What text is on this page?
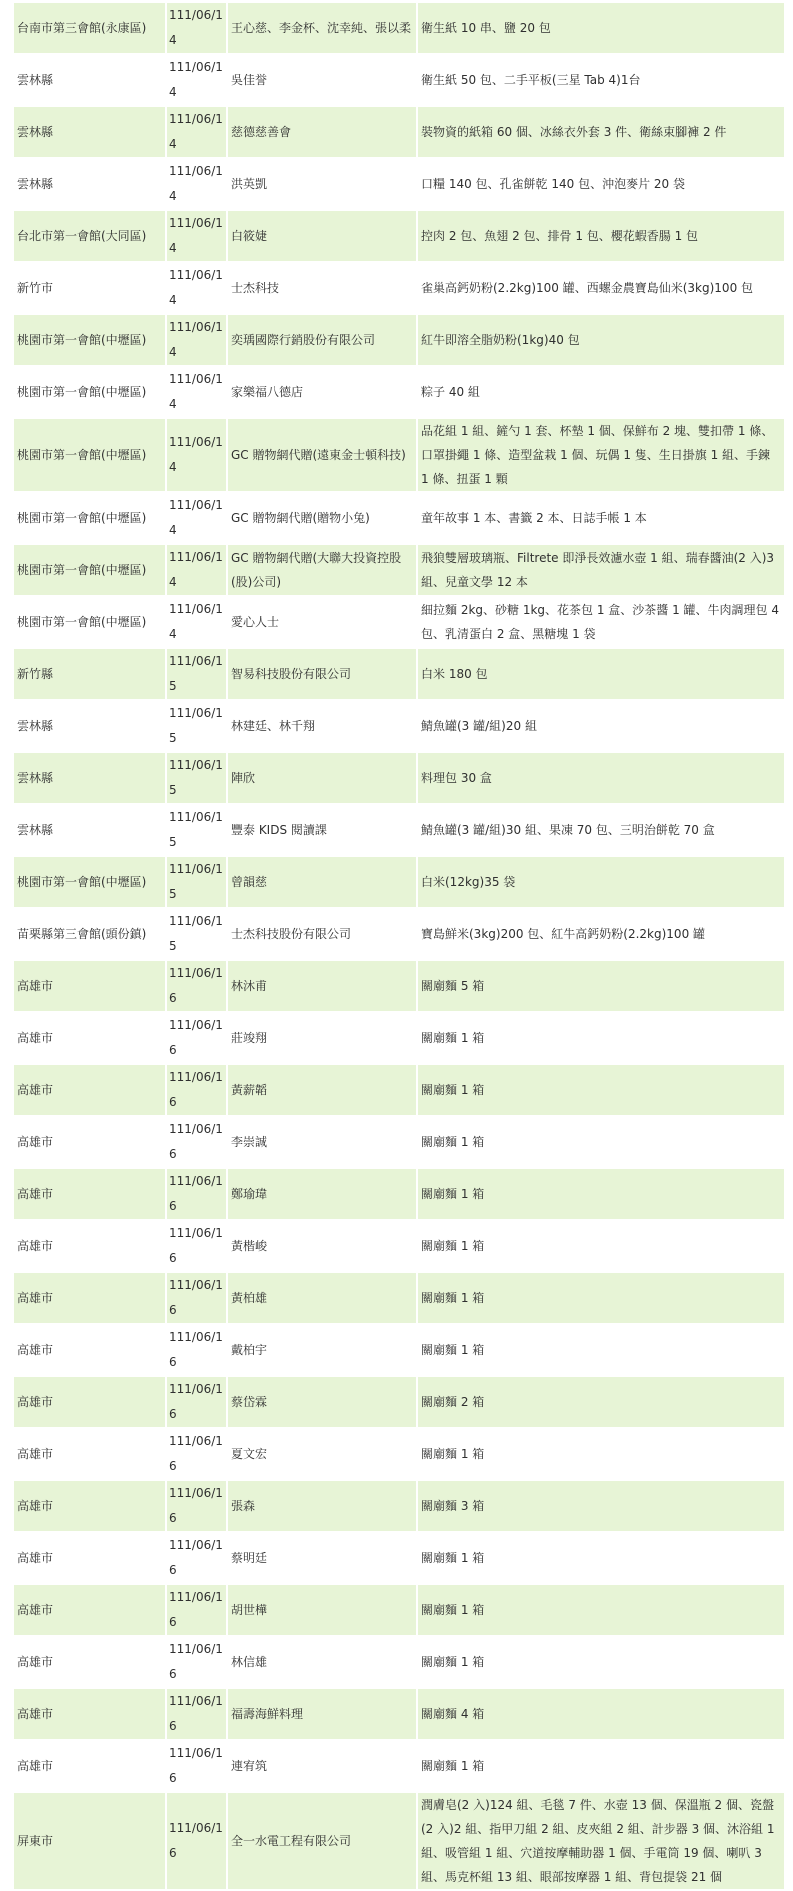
台南市第三會館(永康區)	111/06/14	王心慈、李金杯、沈幸純、張以柔	衛生紙 10 串、鹽 20 包
雲林縣	111/06/14	吳佳誉	衛生紙 50 包、二手平板(三星 Tab 4)1台
雲林縣	111/06/14	慈德慈善會	裝物資的紙箱 60 個、冰絲衣外套 3 件、衛絲束腳褲 2 件
雲林縣	111/06/14	洪英凱	口糧 140 包、孔雀餅乾 140 包、沖泡麥片 20 袋
台北市第一會館(大同區)	111/06/14	白筱婕	控肉 2 包、魚翅 2 包、排骨 1 包、櫻花蝦香腸 1 包
新竹市	111/06/14	士杰科技	雀巢高鈣奶粉(2.2kg)100 罐、西螺金農寶島仙米(3kg)100 包
桃園市第一會館(中壢區)	111/06/14	奕瑀國際行銷股份有限公司	紅牛即溶全脂奶粉(1kg)40 包
桃園市第一會館(中壢區)	111/06/14	家樂福八德店	粽子 40 組
桃園市第一會館(中壢區)	111/06/14	GC 贈物網代贈(遠東金士頓科技)	品花組 1 組、鏟勺 1 套、杯墊 1 個、保鮮布 2 塊、雙扣帶 1 條、口罩掛繩 1 條、造型盆栽 1 個、玩偶 1 隻、生日掛旗 1 組、手鍊 1 條、扭蛋 1 顆
桃園市第一會館(中壢區)	111/06/14	GC 贈物網代贈(贈物小兔)	童年故事 1 本、書籤 2 本、日誌手帳 1 本
桃園市第一會館(中壢區)	111/06/14	GC 贈物網代贈(大聯大投資控股(股)公司)	飛狼雙層玻璃瓶、Filtrete 即淨長效濾水壺 1 組、瑞春醬油(2 入)3 組、兒童文學 12 本
桃園市第一會館(中壢區)	111/06/14	愛心人士	細拉麵 2kg、砂糖 1kg、花茶包 1 盒、沙茶醬 1 罐、牛肉調理包 4 包、乳清蛋白 2 盒、黑糖塊 1 袋
新竹縣	111/06/15	智易科技股份有限公司	白米 180 包
雲林縣	111/06/15	林建廷、林千翔	鯖魚罐(3 罐/組)20 組
雲林縣	111/06/15	陣欣	料理包 30 盒
雲林縣	111/06/15	豐泰 KIDS 閱讀課	鯖魚罐(3 罐/組)30 組、果凍 70 包、三明治餅乾 70 盒
桃園市第一會館(中壢區)	111/06/15	曾韻慈	白米(12kg)35 袋
苗栗縣第三會館(頭份鎮)	111/06/15	士杰科技股份有限公司	寶島鮮米(3kg)200 包、紅牛高鈣奶粉(2.2kg)100 罐
高雄市	111/06/16	林沐甫	關廟麵 5 箱
高雄市	111/06/16	莊竣翔	關廟麵 1 箱
高雄市	111/06/16	黃薪韜	關廟麵 1 箱
高雄市	111/06/16	李崇誠	關廟麵 1 箱
高雄市	111/06/16	鄭瑜瑋	關廟麵 1 箱
高雄市	111/06/16	黃楷峻	關廟麵 1 箱
高雄市	111/06/16	黃柏雄	關廟麵 1 箱
高雄市	111/06/16	戴柏宇	關廟麵 1 箱
高雄市	111/06/16	蔡岱霖	關廟麵 2 箱
高雄市	111/06/16	夏文宏	關廟麵 1 箱
高雄市	111/06/16	張森	關廟麵 3 箱
高雄市	111/06/16	蔡明廷	關廟麵 1 箱
高雄市	111/06/16	胡世樺	關廟麵 1 箱
高雄市	111/06/16	林信雄	關廟麵 1 箱
高雄市	111/06/16	福壽海鮮料理	關廟麵 4 箱
高雄市	111/06/16	連宥筑	關廟麵 1 箱
屏東市	111/06/16	全一水電工程有限公司	潤膚皂(2 入)124 組、毛毯 7 件、水壺 13 個、保溫瓶 2 個、瓷盤(2 入)2 組、指甲刀組 2 組、皮夾組 2 組、計步器 3 個、沐浴組 1 組、吸管組 1 組、穴道按摩輔助器 1 個、手電筒 19 個、喇叭 3 組、馬克杯組 13 組、眼部按摩器 1 組、背包提袋 21 個
